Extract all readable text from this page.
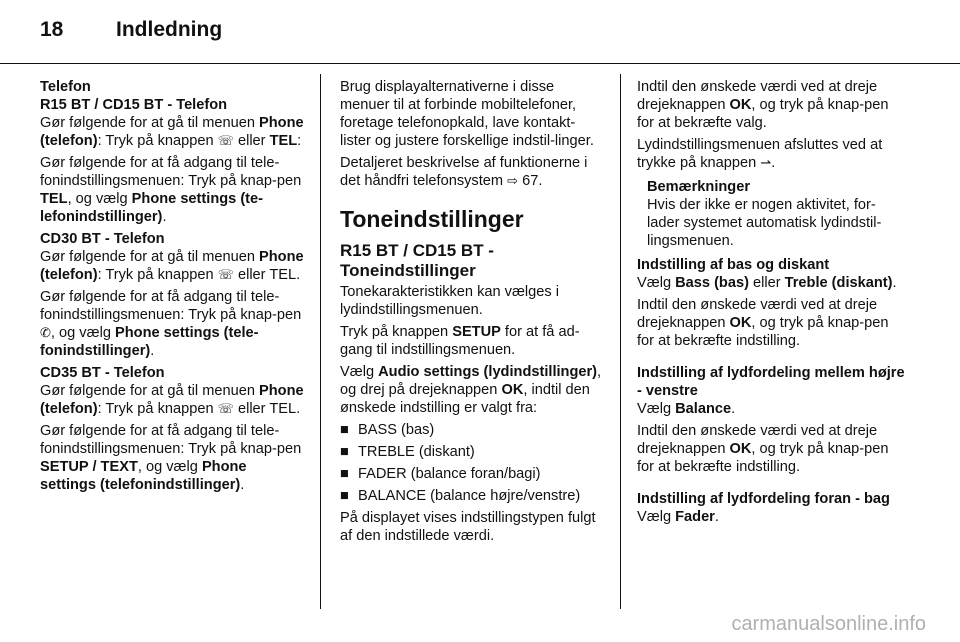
18	Indledning
Telefon
R15 BT / CD15 BT - Telefon

Gør følgende for at gå til menuen Phone (telefon): Tryk på knappen ☏ eller TEL:

Gør følgende for at få adgang til tele-fonindstillingsmenuen: Tryk på knap-pen TEL, og vælg Phone settings (te-lefonindstillinger).

CD30 BT - Telefon

Gør følgende for at gå til menuen Phone (telefon): Tryk på knappen ☏ eller TEL.

Gør følgende for at få adgang til tele-fonindstillingsmenuen: Tryk på knap-pen ✆, og vælg Phone settings (tele-fonindstillinger).

CD35 BT - Telefon

Gør følgende for at gå til menuen Phone (telefon): Tryk på knappen ☏ eller TEL.

Gør følgende for at få adgang til tele-fonindstillingsmenuen: Tryk på knap-pen SETUP / TEXT, og vælg Phone settings (telefonindstillinger).

Brug displayalternativerne i disse menuer til at forbinde mobiltelefoner, foretage telefonopkald, lave kontakt-lister og justere forskellige indstil-linger.

Detaljeret beskrivelse af funktionerne i det håndfri telefonsystem ⇨ 67.

Toneindstillinger
R15 BT / CD15 BT - Toneindstillinger

Tonekarakteristikken kan vælges i lydindstillingsmenuen.

Tryk på knappen SETUP for at få ad-gang til indstillingsmenuen.

Vælg Audio settings (lydindstillinger), og drej på drejeknappen OK, indtil den ønskede indstilling er valgt fra:

■ BASS (bas)
■ TREBLE (diskant)
■ FADER (balance foran/bagi)
■ BALANCE (balance højre/venstre)

På displayet vises indstillingstypen fulgt af den indstillede værdi.

Indtil den ønskede værdi ved at dreje drejeknappen OK, og tryk på knap-pen for at bekræfte valg.

Lydindstillingsmenuen afsluttes ved at trykke på knappen ⇀.

Bemærkninger
Hvis der ikke er nogen aktivitet, for-lader systemet automatisk lydindstil-lingsmenuen.
Indstilling af bas og diskant

Vælg Bass (bas) eller Treble (diskant).

Indtil den ønskede værdi ved at dreje drejeknappen OK, og tryk på knap-pen for at bekræfte indstilling.

Indstilling af lydfordeling mellem højre - venstre

Vælg Balance.

Indtil den ønskede værdi ved at dreje drejeknappen OK, og tryk på knap-pen for at bekræfte indstilling.

Indstilling af lydfordeling foran - bag

Vælg Fader.

carmanualsonline.info
